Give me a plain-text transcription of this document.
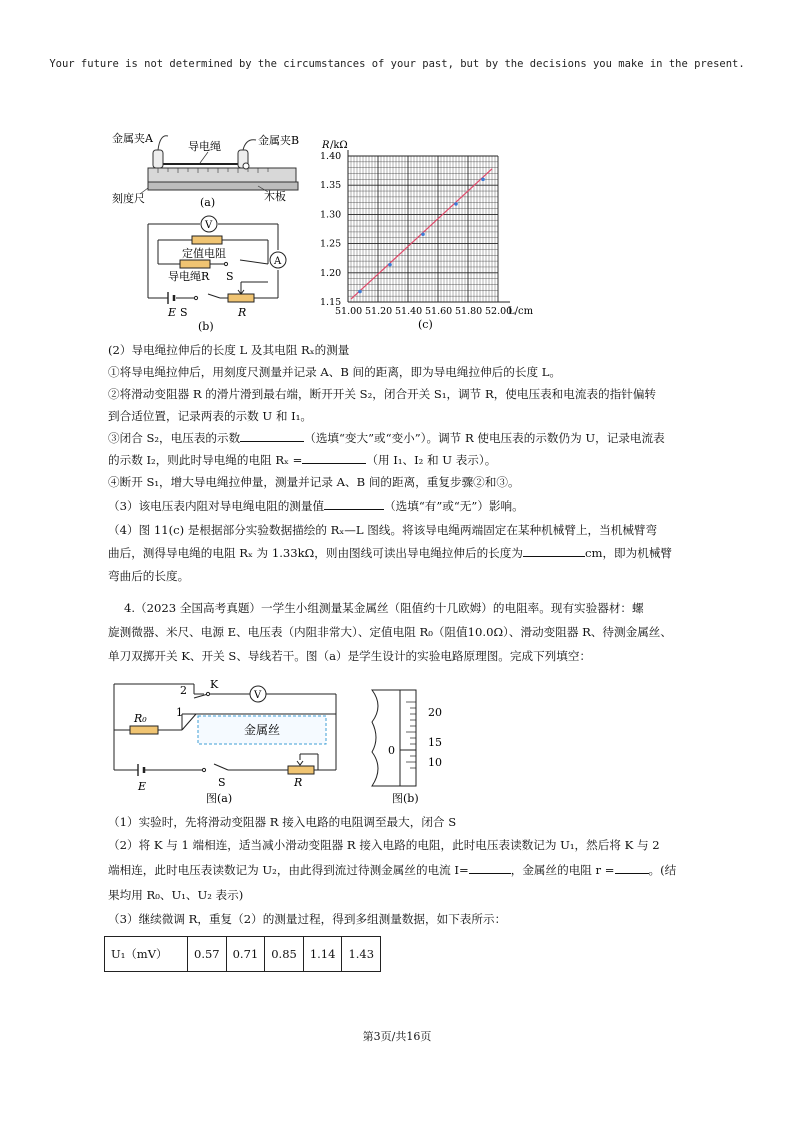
Your future is not determined by the circumstances of your past, but by the decisions you make in the present.
金属夹A
导电绳	金属夹B
刻度尺	木板
(a)
V
A
定值电阻
导电绳R S
S
E	R
(b)
51.00 51.20 51.40 51.60 51.80 52.00
1.15
1.20
1.25
1.30
1.35
1.40
R /kΩ
L/cm
(c)
(2）导电绳拉伸后的长度 L 及其电阻 Rₓ的测量
①将导电绳拉伸后，用刻度尺测量并记录 A、B 间的距离，即为导电绳拉伸后的长度 L。
②将滑动变阻器 R 的滑片滑到最右端，断开开关 S₂，闭合开关 S₁，调节 R，使电压表和电流表的指针偏转
到合适位置，记录两表的示数 U 和 I₁。
③闭合 S₂，电压表的示数	（选填“变大”或“变小”）。调节 R 使电压表的示数仍为 U，记录电流表
的示数 I₂，则此时导电绳的电阻 Rₓ =	（用 I₁、I₂ 和 U 表示）。
④断开 S₁，增大导电绳拉伸量，测量并记录 A、B 间的距离，重复步骤②和③。
（3）该电压表内阻对导电绳电阻的测量值	（选填“有”或“无”）影响。
（4）图 11(c) 是根据部分实验数据描绘的 Rₓ—L 图线。将该导电绳两端固定在某种机械臂上，当机械臂弯
曲后，测得导电绳的电阻 Rₓ 为 1.33kΩ，则由图线可读出导电绳拉伸后的长度为	cm，即为机械臂
弯曲后的长度。
4.（2023 全国高考真题）一学生小组测量某金属丝（阻值约十几欧姆）的电阻率。现有实验器材：螺
旋测微器、米尺、电源 E、电压表（内阻非常大）、定值电阻 R₀（阻值10.0Ω）、滑动变阻器 R、待测金属丝、
单刀双掷开关 K、开关 S、导线若干。图（a）是学生设计的实验电路原理图。完成下列填空：
V
K
2
1
R₀
金属丝
E	S	R
图(a)
20
15
10
0
图(b)
（1）实验时，先将滑动变阻器 R 接入电路的电阻调至最大，闭合 S
（2）将 K 与 1 端相连，适当减小滑动变阻器 R 接入电路的电阻，此时电压表读数记为 U₁，然后将 K 与 2
端相连，此时电压表读数记为 U₂，由此得到流过待测金属丝的电流 I=	，金属丝的电阻 r =	。(结
果均用 R₀、U₁、U₂ 表示)
（3）继续微调 R，重复（2）的测量过程，得到多组测量数据，如下表所示：
U₁（mV）	0.57	0.71	0.85	1.14	1.43
第3页/共16页
